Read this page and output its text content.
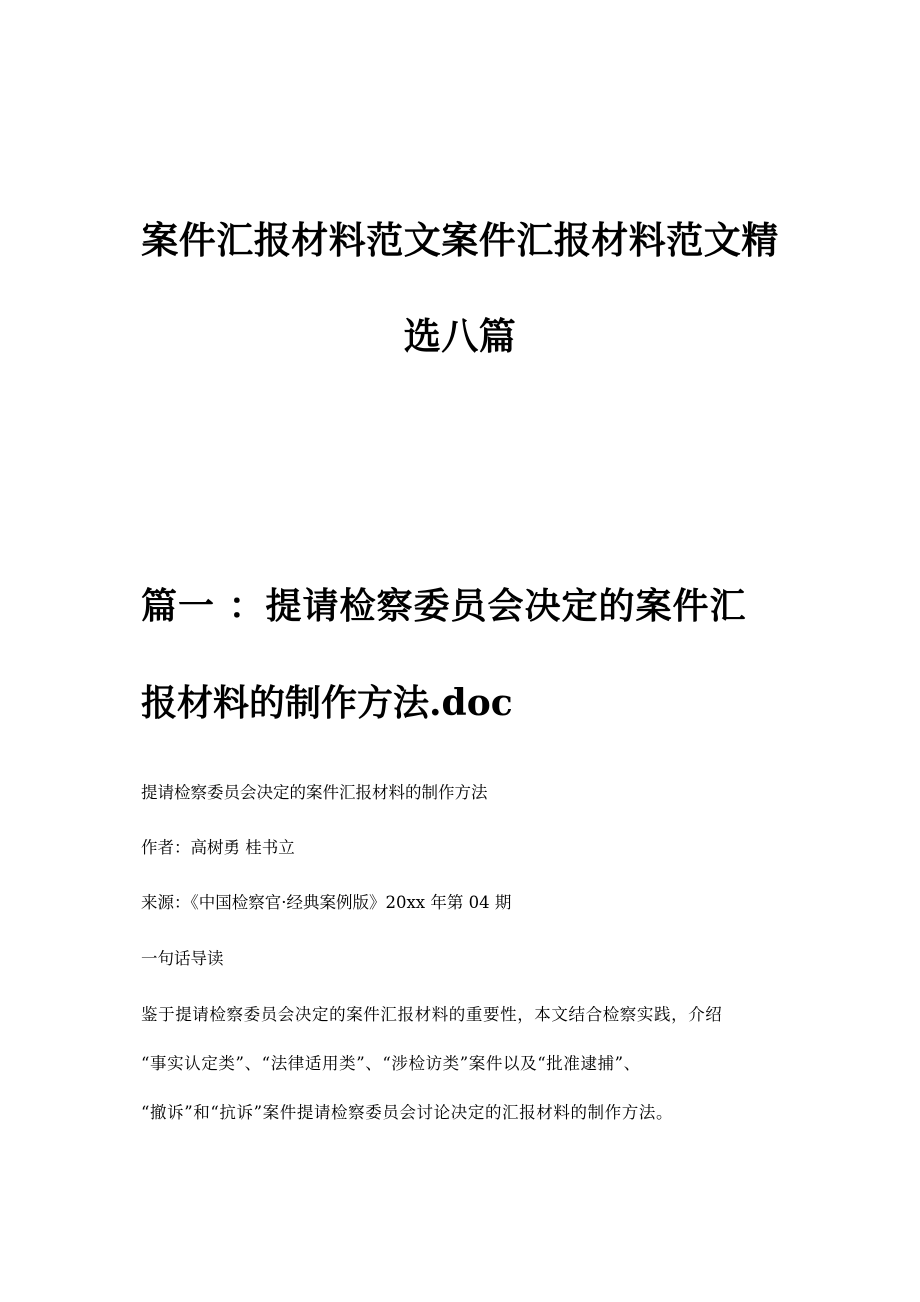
案件汇报材料范文案件汇报材料范文精
选八篇
篇一 ：提请检察委员会决定的案件汇
报材料的制作方法.doc
提请检察委员会决定的案件汇报材料的制作方法
作者：高树勇 桂书立
来源：《中国检察官·经典案例版》20xx 年第 04 期
一句话导读
鉴于提请检察委员会决定的案件汇报材料的重要性，本文结合检察实践，介绍
“事实认定类”、“法律适用类”、“涉检访类”案件以及“批准逮捕”、
“撤诉”和“抗诉”案件提请检察委员会讨论决定的汇报材料的制作方法。
